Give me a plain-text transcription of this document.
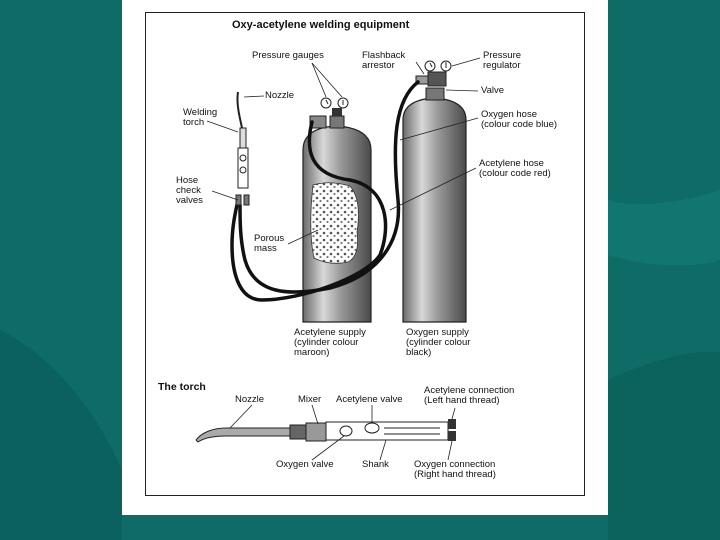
Oxy-acetylene welding equipment
Pressure gauges
Nozzle
Welding
torch
Hose
check
valves
Porous
mass
Flashback
arrestor
Pressure
regulator
Valve
Oxygen hose
(colour code blue)
Acetylene hose
(colour code red)
Acetylene supply
(cylinder colour
maroon)
Oxygen supply
(cylinder colour
black)
The torch
Nozzle	Mixer Acetylene valve
Acetylene connection
(Left hand thread)
Oxygen valve	Shank	Oxygen connection
(Right hand thread)
